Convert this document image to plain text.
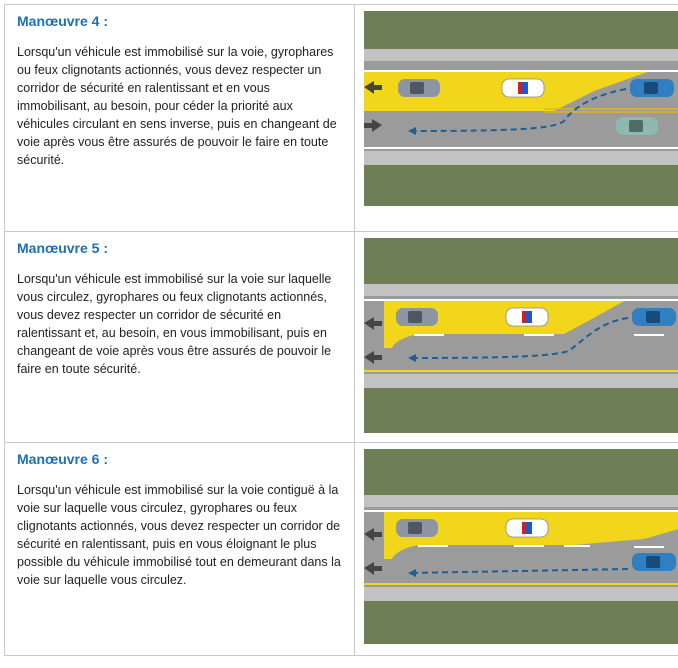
Manœuvre 4 :

Lorsqu'un véhicule est immobilisé sur la voie, gyrophares ou feux clignotants actionnés, vous devez respecter un corridor de sécurité en ralentissant et en vous immobilisant, au besoin, pour céder la priorité aux véhicules circulant en sens inverse, puis en changeant de voie après vous être assurés de pouvoir le faire en toute sécurité.

Manœuvre 5 :

Lorsqu'un véhicule est immobilisé sur la voie sur laquelle vous circulez, gyrophares ou feux clignotants actionnés, vous devez respecter un corridor de sécurité en ralentissant et, au besoin, en vous immobilisant, puis en changeant de voie après vous être assurés de pouvoir le faire en toute sécurité.

Manœuvre 6 :

Lorsqu'un véhicule est immobilisé sur la voie contiguë à la voie sur laquelle vous circulez, gyrophares ou feux clignotants actionnés, vous devez respecter un corridor de sécurité en ralentissant, puis en vous éloignant le plus possible du véhicule immobilisé tout en demeurant dans la voie sur laquelle vous circulez.
